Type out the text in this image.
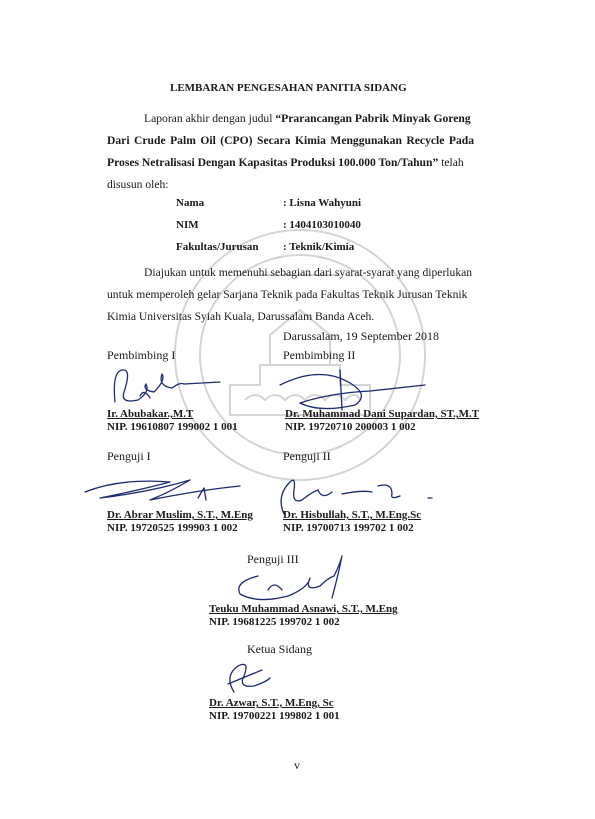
LEMBARAN PENGESAHAN PANITIA SIDANG
Laporan akhir dengan judul “Prarancangan Pabrik Minyak Goreng
Dari Crude Palm Oil (CPO) Secara Kimia Menggunakan Recycle Pada
Proses Netralisasi Dengan Kapasitas Produksi 100.000 Ton/Tahun” telah
disusun oleh:
Nama	: Lisna Wahyuni
NIM	: 1404103010040
Fakultas/Jurusan : Teknik/Kimia
Diajukan untuk memenuhi sebagian dari syarat-syarat yang diperlukan
untuk memperoleh gelar Sarjana Teknik pada Fakultas Teknik Jurusan Teknik
Kimia Universitas Syiah Kuala, Darussalam Banda Aceh.
Darussalam, 19 September 2018
Pembimbing I
Ir. Abubakar.,M.T
NIP. 19610807 199002 1 001
Pembimbing II
Dr. Muhammad Dani Supardan, ST.,M.T
NIP. 19720710 200003 1 002
Penguji I
Dr. Abrar Muslim, S.T., M.Eng
NIP. 19720525 199903 1 002
Penguji II
Dr. Hisbullah, S.T., M.Eng.Sc
NIP. 19700713 199702 1 002
Penguji III
Teuku Muhammad Asnawi, S.T., M.Eng
NIP. 19681225 199702 1 002
Ketua Sidang
Dr. Azwar, S.T., M.Eng, Sc
NIP. 19700221 199802 1 001
v
